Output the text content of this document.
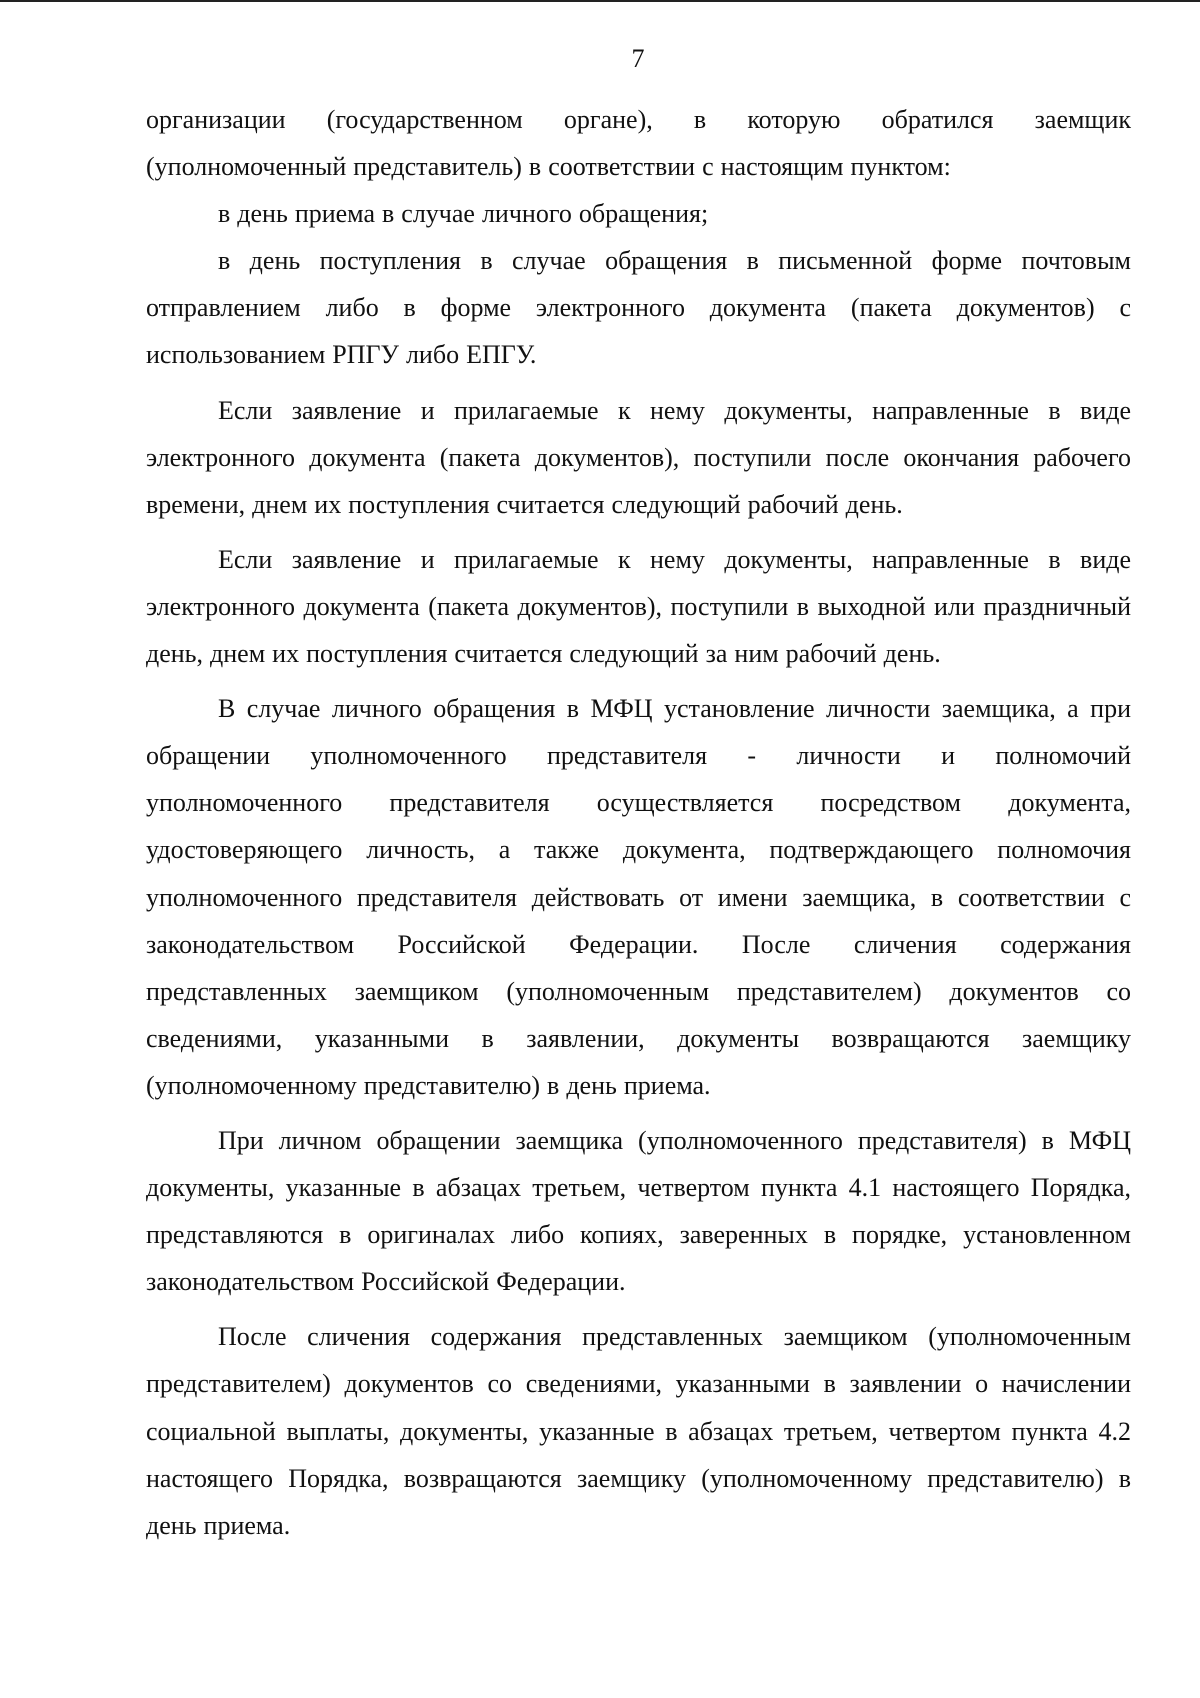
7

организации (государственном органе), в которую обратился заемщик (уполномоченный представитель) в соответствии с настоящим пунктом:

в день приема в случае личного обращения;

в день поступления в случае обращения в письменной форме почтовым отправлением либо в форме электронного документа (пакета документов) с использованием РПГУ либо ЕПГУ.

Если заявление и прилагаемые к нему документы, направленные в виде электронного документа (пакета документов), поступили после окончания рабочего времени, днем их поступления считается следующий рабочий день.

Если заявление и прилагаемые к нему документы, направленные в виде электронного документа (пакета документов), поступили в выходной или праздничный день, днем их поступления считается следующий за ним рабочий день.

В случае личного обращения в МФЦ установление личности заемщика, а при обращении уполномоченного представителя - личности и полномочий уполномоченного представителя осуществляется посредством документа, удостоверяющего личность, а также документа, подтверждающего полномочия уполномоченного представителя действовать от имени заемщика, в соответствии с законодательством Российской Федерации. После сличения содержания представленных заемщиком (уполномоченным представителем) документов со сведениями, указанными в заявлении, документы возвращаются заемщику (уполномоченному представителю) в день приема.

При личном обращении заемщика (уполномоченного представителя) в МФЦ документы, указанные в абзацах третьем, четвертом пункта 4.1 настоящего Порядка, представляются в оригиналах либо копиях, заверенных в порядке, установленном законодательством Российской Федерации.

После сличения содержания представленных заемщиком (уполномоченным представителем) документов со сведениями, указанными в заявлении о начислении социальной выплаты, документы, указанные в абзацах третьем, четвертом пункта 4.2 настоящего Порядка, возвращаются заемщику (уполномоченному представителю) в день приема.
